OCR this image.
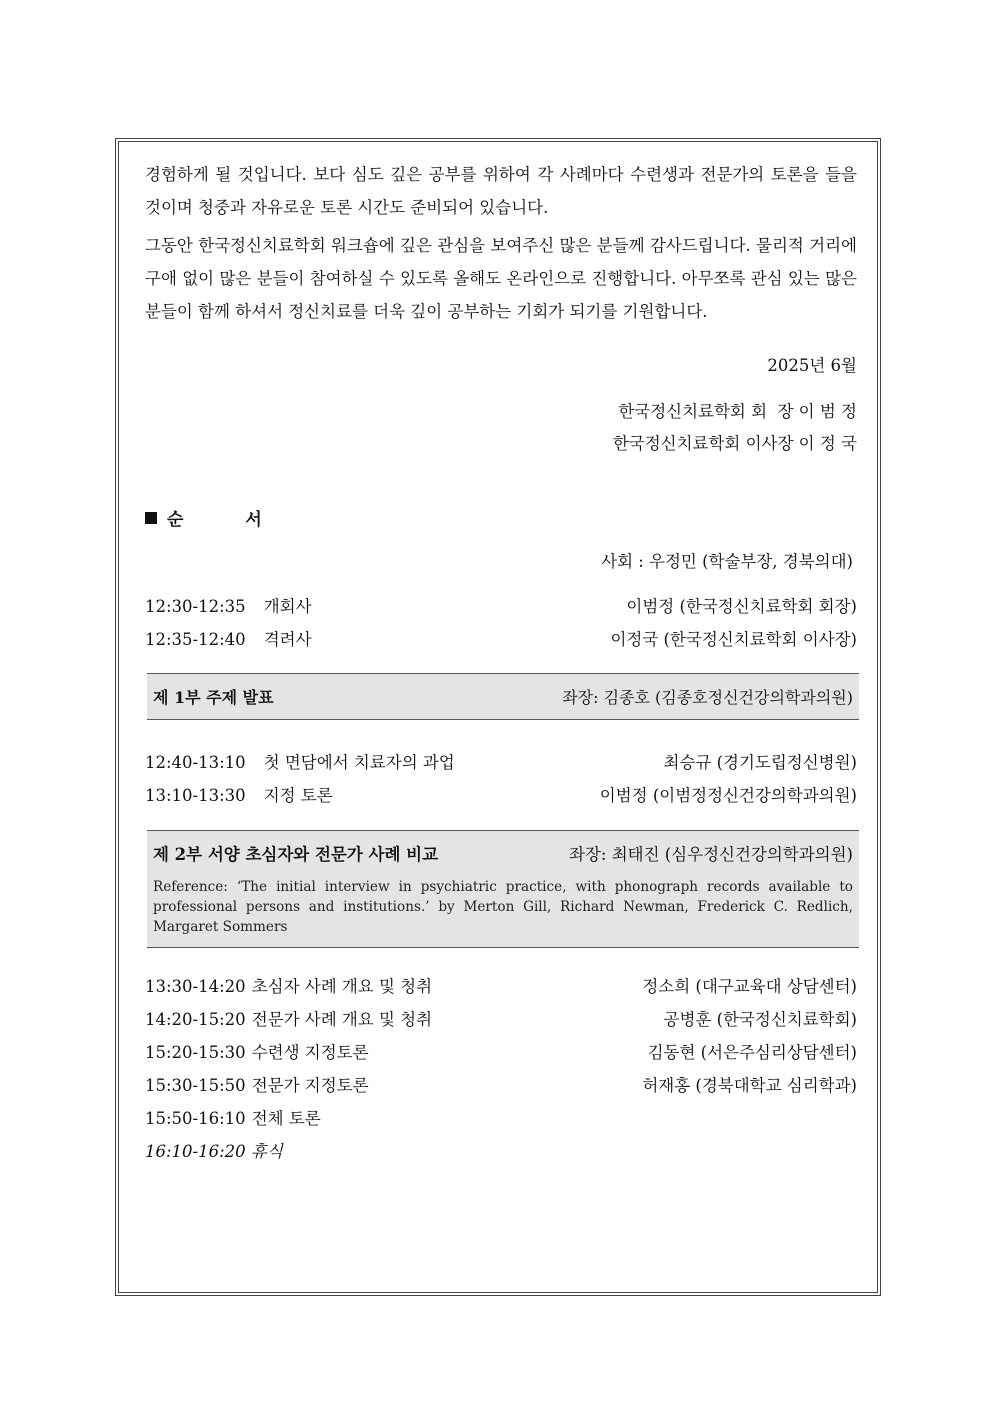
경험하게 될 것입니다. 보다 심도 깊은 공부를 위하여 각 사례마다 수련생과 전문가의 토론을 들을 것이며 청중과 자유로운 토론 시간도 준비되어 있습니다.

그동안 한국정신치료학회 워크숍에 깊은 관심을 보여주신 많은 분들께 감사드립니다. 물리적 거리에 구애 없이 많은 분들이 참여하실 수 있도록 올해도 온라인으로 진행합니다. 아무쪼록 관심 있는 많은 분들이 함께 하셔서 정신치료를 더욱 깊이 공부하는 기회가 되기를 기원합니다.

2025년 6월
한국정신치료학회 회  장 이 범 정
한국정신치료학회 이사장 이 정 국
순 서
사회 : 우정민 (학술부장, 경북의대)
12:30-12:35 개회사	이범정 (한국정신치료학회 회장)
12:35-12:40 격려사	이정국 (한국정신치료학회 이사장)
제 1부 주제 발표	좌장: 김종호 (김종호정신건강의학과의원)
12:40-13:10 첫 면담에서 치료자의 과업	최승규 (경기도립정신병원)
13:10-13:30 지정 토론	이범정 (이범정정신건강의학과의원)
제 2부 서양 초심자와 전문가 사례 비교	좌장: 최태진 (심우정신건강의학과의원)
Reference: ‘The initial interview in psychiatric practice, with phonograph records available to professional persons and institutions.’ by Merton Gill, Richard Newman, Frederick C. Redlich, Margaret Sommers
13:30-14:20 초심자 사례 개요 및 청취	정소희 (대구교육대 상담센터)
14:20-15:20 전문가 사례 개요 및 청취	공병훈 (한국정신치료학회)
15:20-15:30 수련생 지정토론	김동현 (서은주심리상담센터)
15:30-15:50 전문가 지정토론	허재홍 (경북대학교 심리학과)
15:50-16:10 전체 토론
16:10-16:20 휴식
